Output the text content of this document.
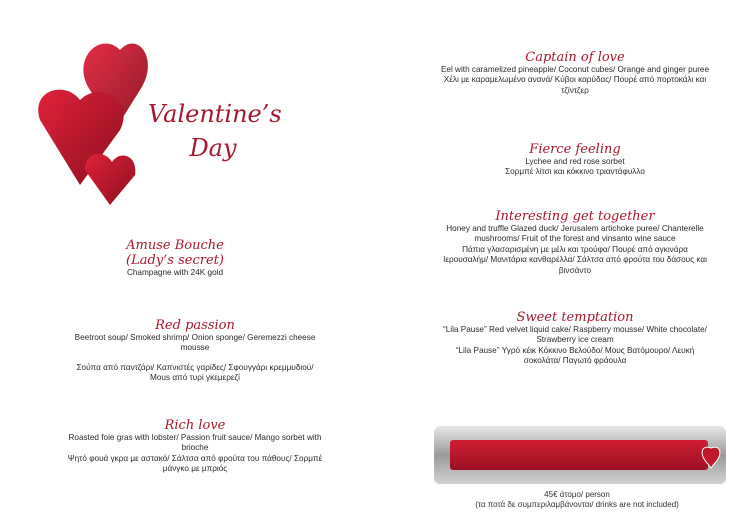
Valentine’s
Day

Amuse Bouche

(Lady’s secret)

Champagne with 24K gold

Red passion

Beetroot soup/ Smoked shrimp/ Onion sponge/ Geremezzi cheese mousse

Σούπα από παντζάρι/ Καπνιστές γαρίδες/ Σφουγγάρι κρεμμυδιού/ Mous από τυρί γκεμερεζί

Rich love

Roasted foie gras with lobster/ Passion fruit sauce/ Mango sorbet with brioche

Ψητό φουά γκρα με αστακό/ Σάλτσα από φρούτα του πάθους/ Σορμπέ μάνγκο με μπριός

Captain of love

Eel with caramelized pineapple/ Coconut cubes/ Orange and ginger puree

Χέλι με καραμελωμένο ανανά/ Κύβοι καρύδας/ Πουρέ από πορτοκάλι και τζίντζερ

Fierce feeling

Lychee and red rose sorbet

Σορμπέ λίτσι και κόκκινο τριαντάφυλλο

Interesting get together

Honey and truffle Glazed duck/ Jerusalem artichoke puree/ Chanterelle mushrooms/ Fruit of the forest and vinsanto wine sauce

Πάπια γλασαρισμένη με μέλι και τρούφα/ Πουρέ από αγκινάρα Ιερουσαλήμ/ Μανιτάρια κανθαρέλλα/ Σάλτσα από φρούτα του δάσους και βινσάντο

Sweet temptation

“Lila Pause” Red velvet liquid cake/ Raspberry mousse/ White chocolate/ Strawberry ice cream

“Lila Pause” Υγρό κέικ Κόκκινο Βελούδο/ Mους Βατόμουρο/ Λευκή σοκολάτα/ Παγωτό φράουλα

45€ άτομο/ person
(τα ποτά δε συμπεριλαμβάνονται/ drinks are not included)
